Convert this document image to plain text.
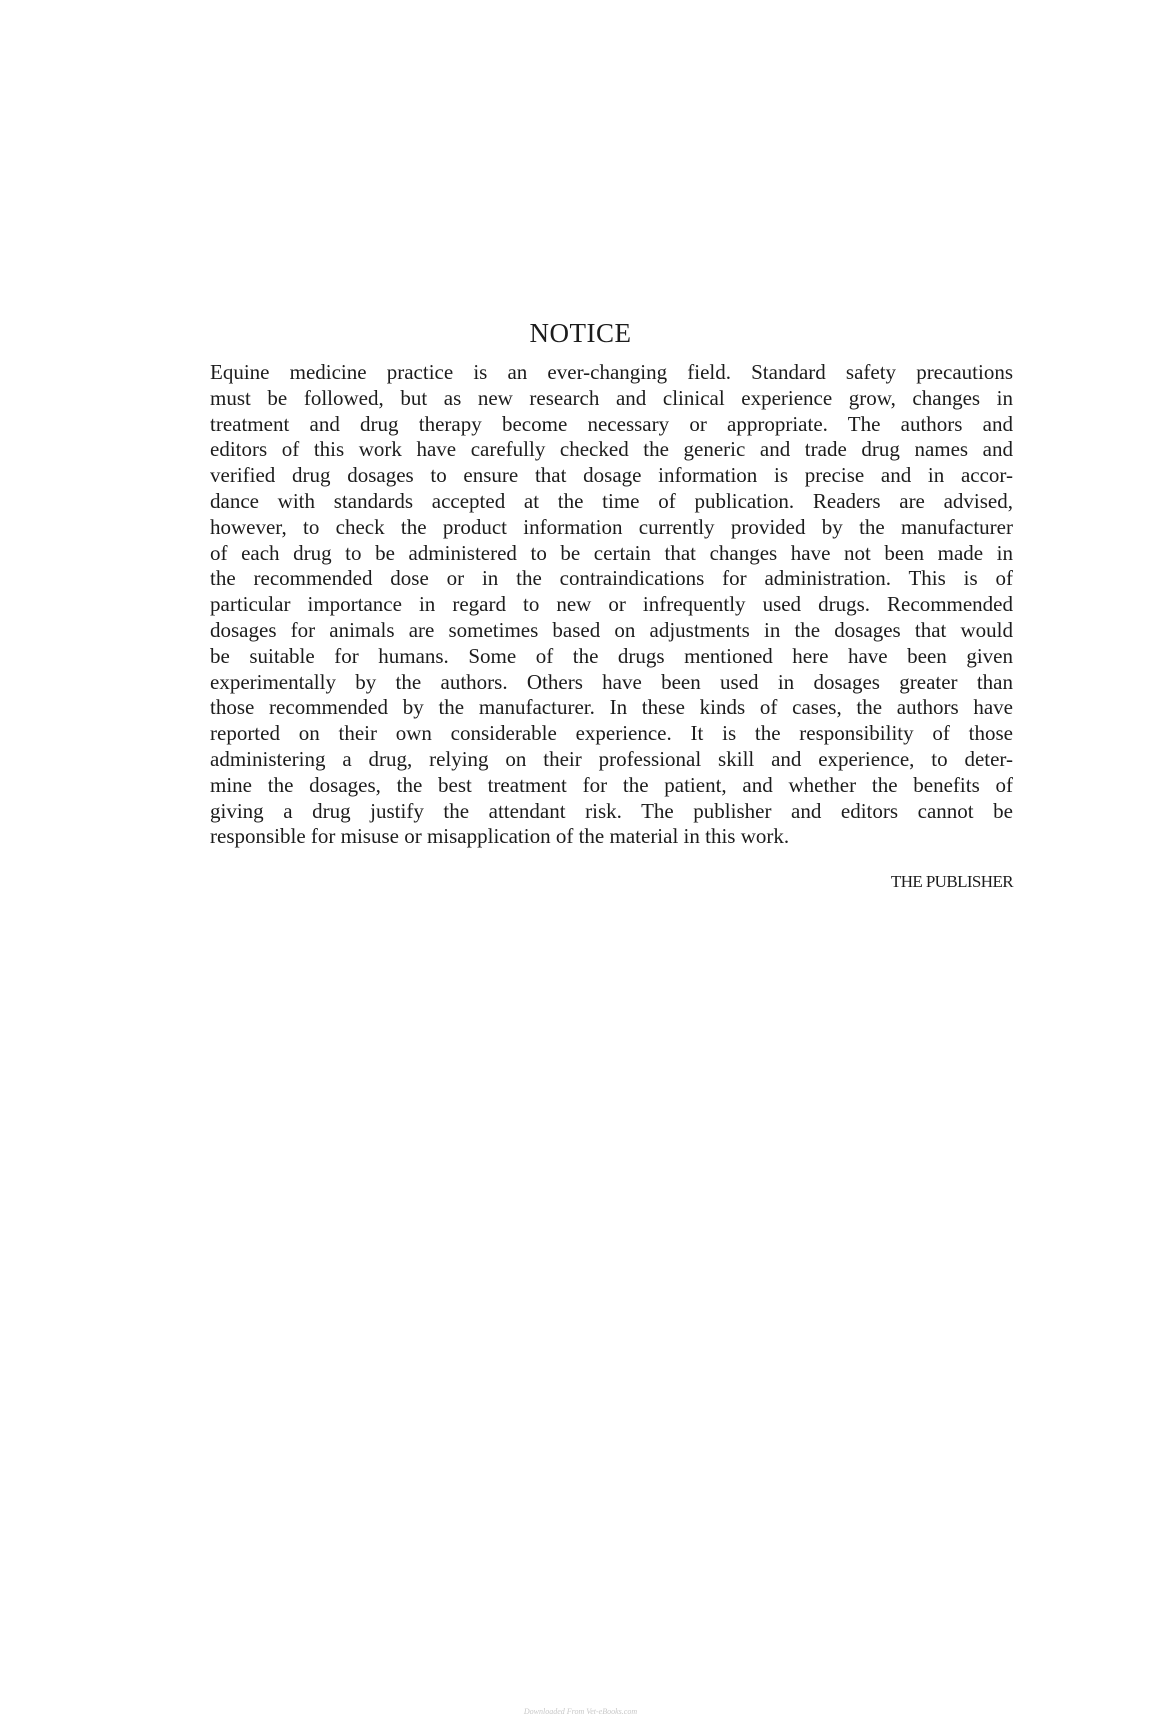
NOTICE
Equine medicine practice is an ever-changing field. Standard safety precautions
must be followed, but as new research and clinical experience grow, changes in
treatment and drug therapy become necessary or appropriate. The authors and
editors of this work have carefully checked the generic and trade drug names and
verified drug dosages to ensure that dosage information is precise and in accor-
dance with standards accepted at the time of publication. Readers are advised,
however, to check the product information currently provided by the manufacturer
of each drug to be administered to be certain that changes have not been made in
the recommended dose or in the contraindications for administration. This is of
particular importance in regard to new or infrequently used drugs. Recommended
dosages for animals are sometimes based on adjustments in the dosages that would
be suitable for humans. Some of the drugs mentioned here have been given
experimentally by the authors. Others have been used in dosages greater than
those recommended by the manufacturer. In these kinds of cases, the authors have
reported on their own considerable experience. It is the responsibility of those
administering a drug, relying on their professional skill and experience, to deter-
mine the dosages, the best treatment for the patient, and whether the benefits of
giving a drug justify the attendant risk. The publisher and editors cannot be
responsible for misuse or misapplication of the material in this work.
THE PUBLISHER
Downloaded From Vet-eBooks.com
